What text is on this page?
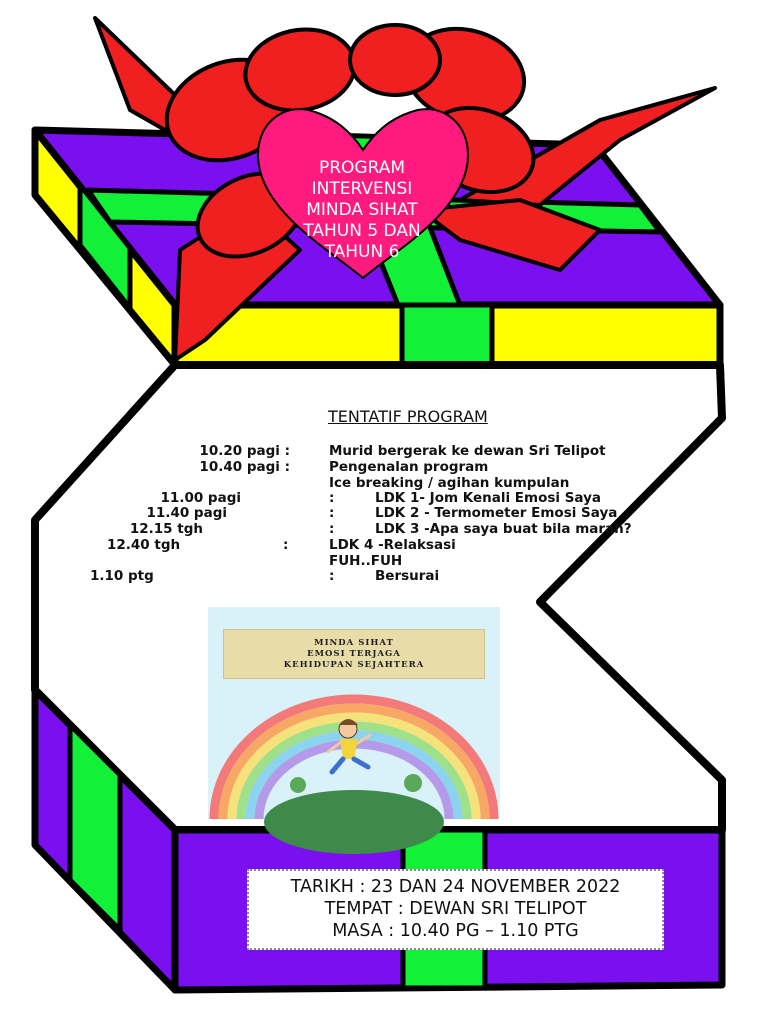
PROGRAM
INTERVENSI
MINDA SIHAT
TAHUN 5 DAN
TAHUN 6
TENTATIF PROGRAM
10.20 pagi :	Murid bergerak ke dewan Sri Telipot
10.40 pagi :	Pengenalan program
Ice breaking / agihan kumpulan
11.00 pagi	:	LDK 1- Jom Kenali Emosi Saya
11.40 pagi	:	LDK 2 - Termometer Emosi Saya
12.15 tgh	:	LDK 3 -Apa saya buat bila marah?
12.40 tgh	:	LDK 4 -Relaksasi
FUH..FUH
1.10 ptg	:	Bersurai
MINDA SIHAT
EMOSI TERJAGA
KEHIDUPAN SEJAHTERA
TARIKH : 23 DAN 24 NOVEMBER 2022
TEMPAT : DEWAN SRI TELIPOT
MASA : 10.40 PG – 1.10 PTG
